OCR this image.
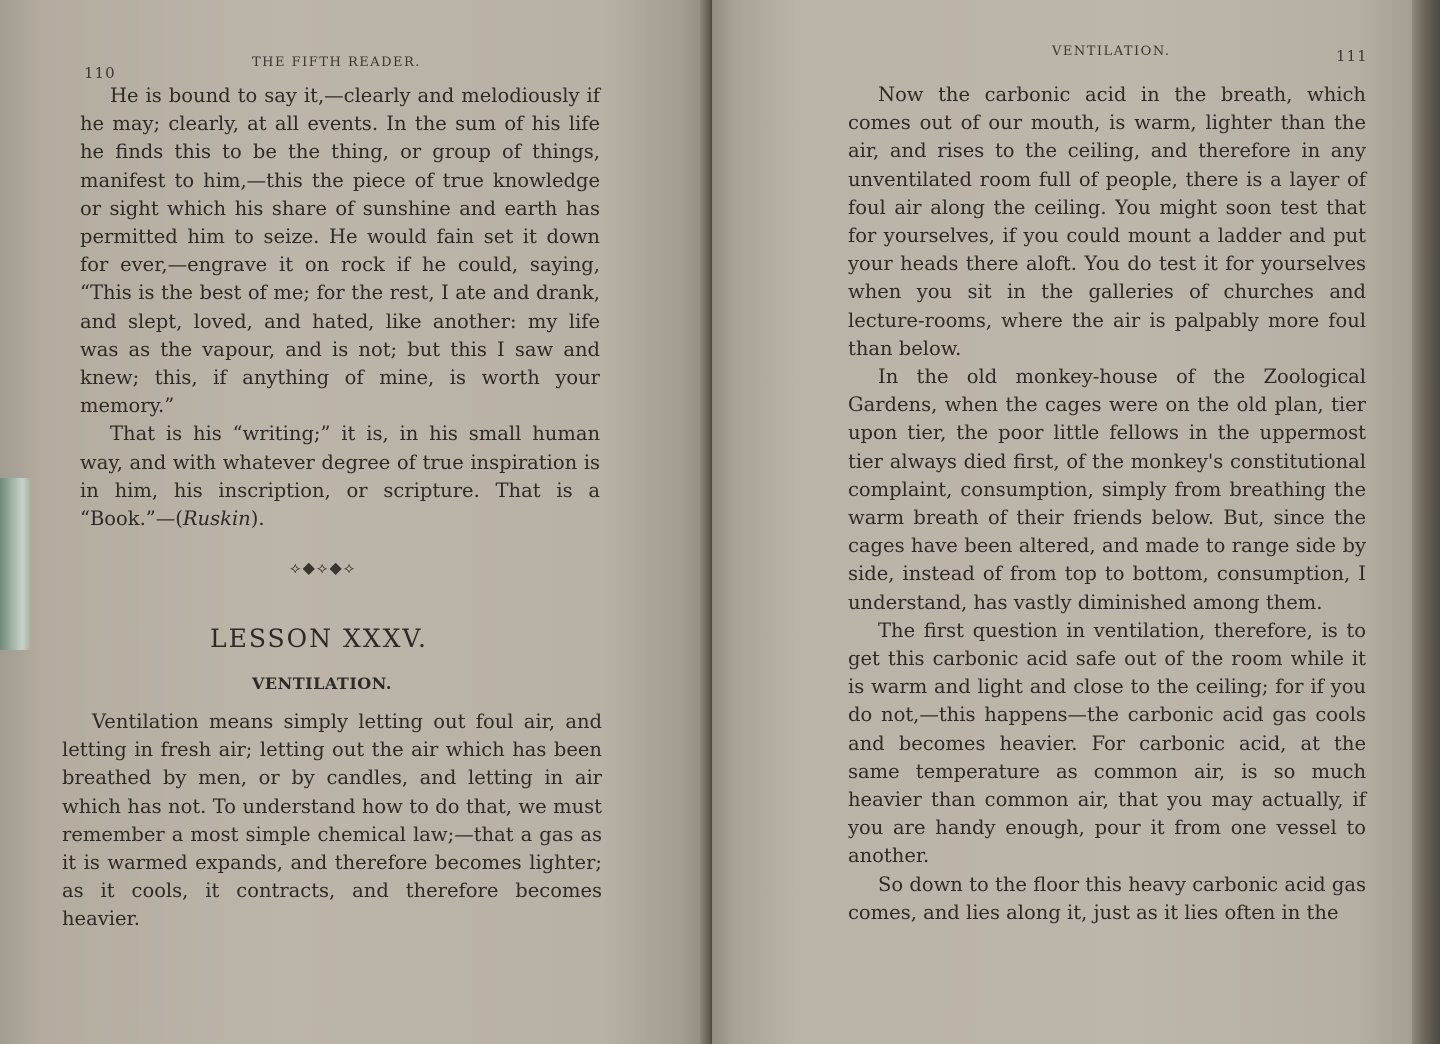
110
THE FIFTH READER.

He is bound to say it,—clearly and melodiously if he may; clearly, at all events. In the sum of his life he finds this to be the thing, or group of things, manifest to him,—this the piece of true knowledge or sight which his share of sunshine and earth has permitted him to seize. He would fain set it down for ever,—engrave it on rock if he could, saying, “This is the best of me; for the rest, I ate and drank, and slept, loved, and hated, like another: my life was as the vapour, and is not; but this I saw and knew; this, if anything of mine, is worth your memory.”

That is his “writing;” it is, in his small human way, and with whatever degree of true inspiration is in him, his inscription, or scripture. That is a “Book.”—(Ruskin).

⟡◆⟡◆⟡
LESSON XXXV.
VENTILATION.

Ventilation means simply letting out foul air, and letting in fresh air; letting out the air which has been breathed by men, or by candles, and letting in air which has not. To understand how to do that, we must remember a most simple chemical law;—that a gas as it is warmed expands, and therefore becomes lighter; as it cools, it contracts, and therefore becomes heavier.

VENTILATION.	111

Now the carbonic acid in the breath, which comes out of our mouth, is warm, lighter than the air, and rises to the ceiling, and therefore in any unventilated room full of people, there is a layer of foul air along the ceiling. You might soon test that for yourselves, if you could mount a ladder and put your heads there aloft. You do test it for yourselves when you sit in the galleries of churches and lecture-rooms, where the air is palpably more foul than below.

In the old monkey-house of the Zoological Gardens, when the cages were on the old plan, tier upon tier, the poor little fellows in the uppermost tier always died first, of the monkey's constitutional complaint, consumption, simply from breathing the warm breath of their friends below. But, since the cages have been altered, and made to range side by side, instead of from top to bottom, consumption, I understand, has vastly diminished among them.

The first question in ventilation, therefore, is to get this carbonic acid safe out of the room while it is warm and light and close to the ceiling; for if you do not,—this happens—the carbonic acid gas cools and becomes heavier. For carbonic acid, at the same temperature as common air, is so much heavier than common air, that you may actually, if you are handy enough, pour it from one vessel to another.

So down to the floor this heavy carbonic acid gas comes, and lies along it, just as it lies often in the
